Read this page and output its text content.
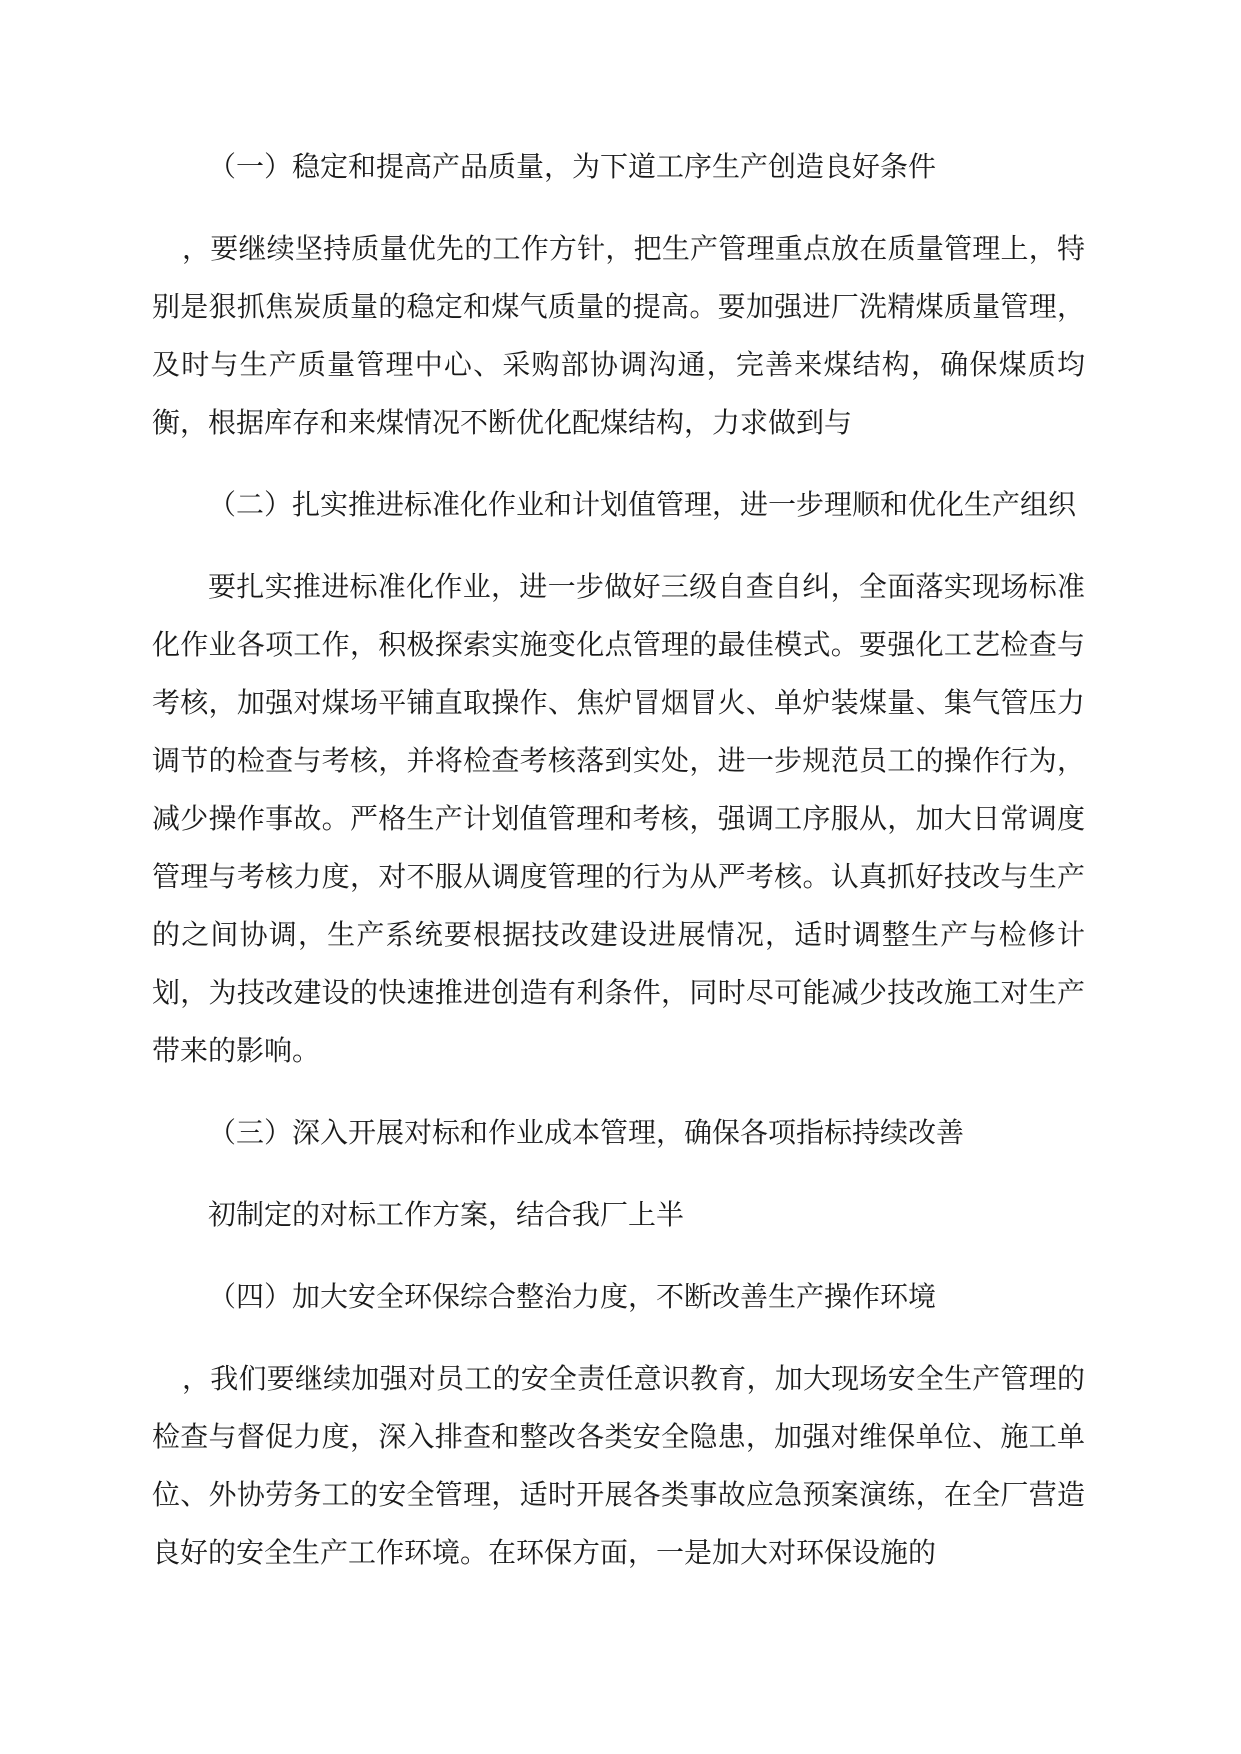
（一）稳定和提高产品质量，为下道工序生产创造良好条件

，要继续坚持质量优先的工作方针，把生产管理重点放在质量管理上，特别是狠抓焦炭质量的稳定和煤气质量的提高。要加强进厂洗精煤质量管理，及时与生产质量管理中心、采购部协调沟通，完善来煤结构，确保煤质均衡，根据库存和来煤情况不断优化配煤结构，力求做到与

（二）扎实推进标准化作业和计划值管理，进一步理顺和优化生产组织

要扎实推进标准化作业，进一步做好三级自查自纠，全面落实现场标准化作业各项工作，积极探索实施变化点管理的最佳模式。要强化工艺检查与考核，加强对煤场平铺直取操作、焦炉冒烟冒火、单炉装煤量、集气管压力调节的检查与考核，并将检查考核落到实处，进一步规范员工的操作行为，减少操作事故。严格生产计划值管理和考核，强调工序服从，加大日常调度管理与考核力度，对不服从调度管理的行为从严考核。认真抓好技改与生产的之间协调，生产系统要根据技改建设进展情况，适时调整生产与检修计划，为技改建设的快速推进创造有利条件，同时尽可能减少技改施工对生产带来的影响。

（三）深入开展对标和作业成本管理，确保各项指标持续改善

初制定的对标工作方案，结合我厂上半

（四）加大安全环保综合整治力度，不断改善生产操作环境

，我们要继续加强对员工的安全责任意识教育，加大现场安全生产管理的检查与督促力度，深入排查和整改各类安全隐患，加强对维保单位、施工单位、外协劳务工的安全管理，适时开展各类事故应急预案演练，在全厂营造良好的安全生产工作环境。在环保方面，一是加大对环保设施的
